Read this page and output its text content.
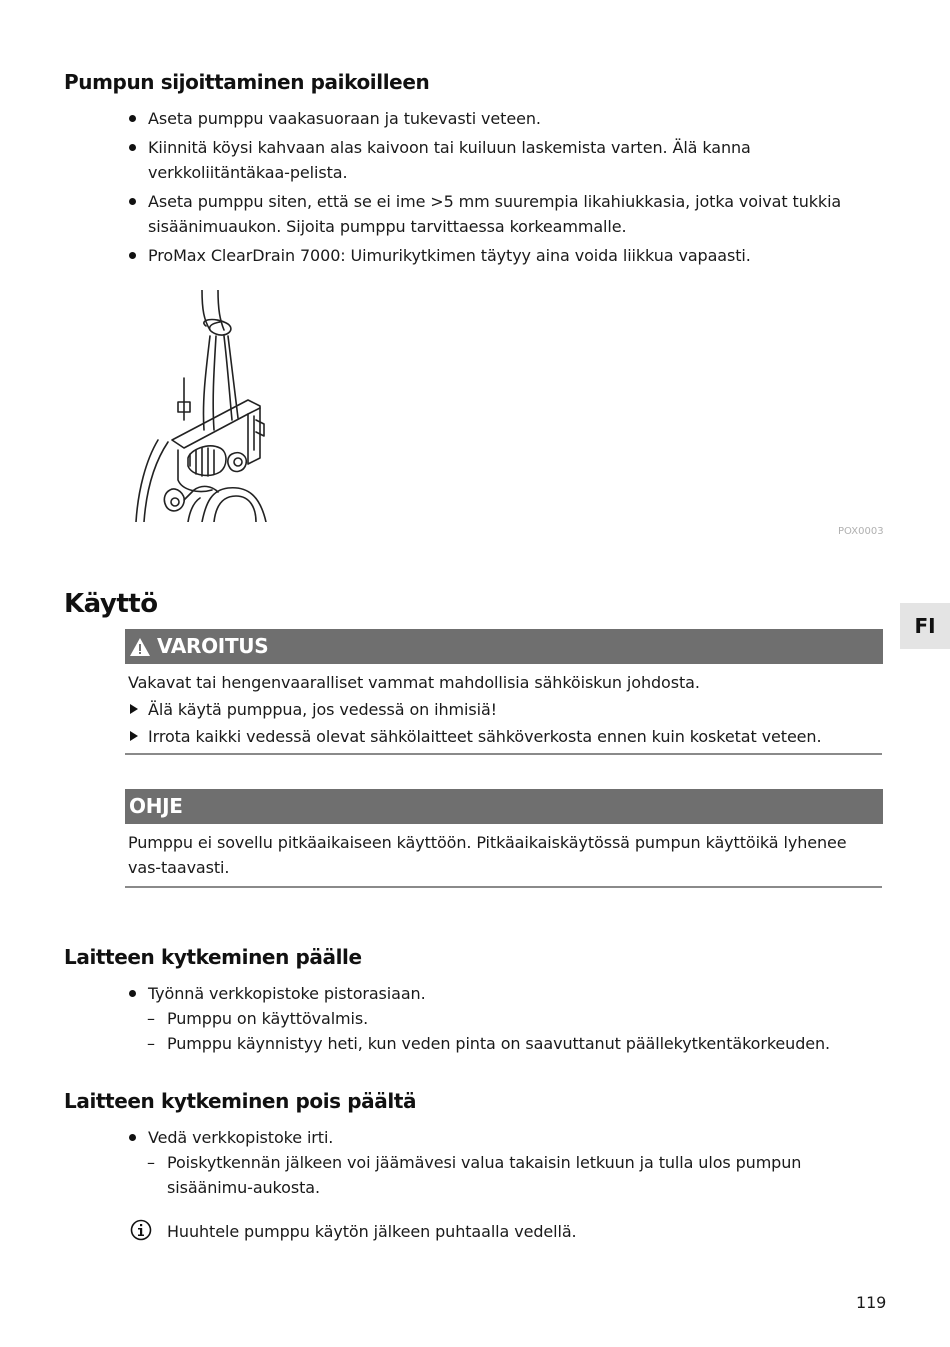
Pumpun sijoittaminen paikoilleen
Aseta pumppu vaakasuoraan ja tukevasti veteen.
Kiinnitä köysi kahvaan alas kaivoon tai kuiluun laskemista varten. Älä kanna verkkoliitäntäkaa-pelista.
Aseta pumppu siten, että se ei ime >5 mm suurempia likahiukkasia, jotka voivat tukkia sisäänimuaukon. Sijoita pumppu tarvittaessa korkeammalle.
ProMax ClearDrain 7000: Uimurikytkimen täytyy aina voida liikkua vapaasti.
POX0003
FI
Käyttö
VAROITUS
Vakavat tai hengenvaaralliset vammat mahdollisia sähköiskun johdosta.
Älä käytä pumppua, jos vedessä on ihmisiä!
Irrota kaikki vedessä olevat sähkölaitteet sähköverkosta ennen kuin kosketat veteen.
OHJE
Pumppu ei sovellu pitkäaikaiseen käyttöön. Pitkäaikaiskäytössä pumpun käyttöikä lyhenee vas-taavasti.
Laitteen kytkeminen päälle
Työnnä verkkopistoke pistorasiaan.
– Pumppu on käyttövalmis.
– Pumppu käynnistyy heti, kun veden pinta on saavuttanut päällekytkentäkorkeuden.
Laitteen kytkeminen pois päältä
Vedä verkkopistoke irti.
– Poiskytkennän jälkeen voi jäämävesi valua takaisin letkuun ja tulla ulos pumpun sisäänimu-aukosta.
Huuhtele pumppu käytön jälkeen puhtaalla vedellä.
119
